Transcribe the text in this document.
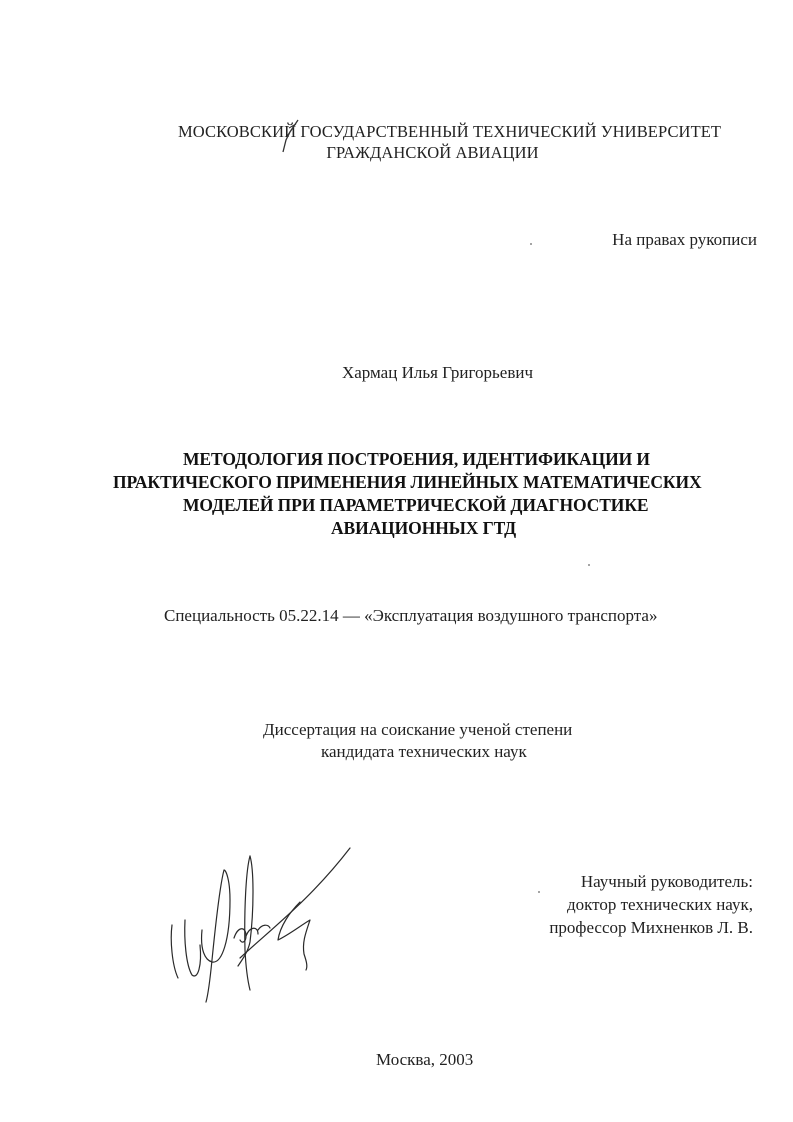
МОСКОВСКИЙ ГОСУДАРСТВЕННЫЙ ТЕХНИЧЕСКИЙ УНИВЕРСИТЕТ
ГРАЖДАНСКОЙ АВИАЦИИ
На правах рукописи
Хармац Илья Григорьевич
МЕТОДОЛОГИЯ ПОСТРОЕНИЯ, ИДЕНТИФИКАЦИИ И
ПРАКТИЧЕСКОГО ПРИМЕНЕНИЯ ЛИНЕЙНЫХ МАТЕМАТИЧЕСКИХ
МОДЕЛЕЙ ПРИ ПАРАМЕТРИЧЕСКОЙ ДИАГНОСТИКЕ
АВИАЦИОННЫХ ГТД
Специальность 05.22.14 — «Эксплуатация воздушного транспорта»
Диссертация на соискание ученой степени
кандидата технических наук
Научный руководитель:
доктор технических наук,
профессор Михненков Л. В.
Москва, 2003
